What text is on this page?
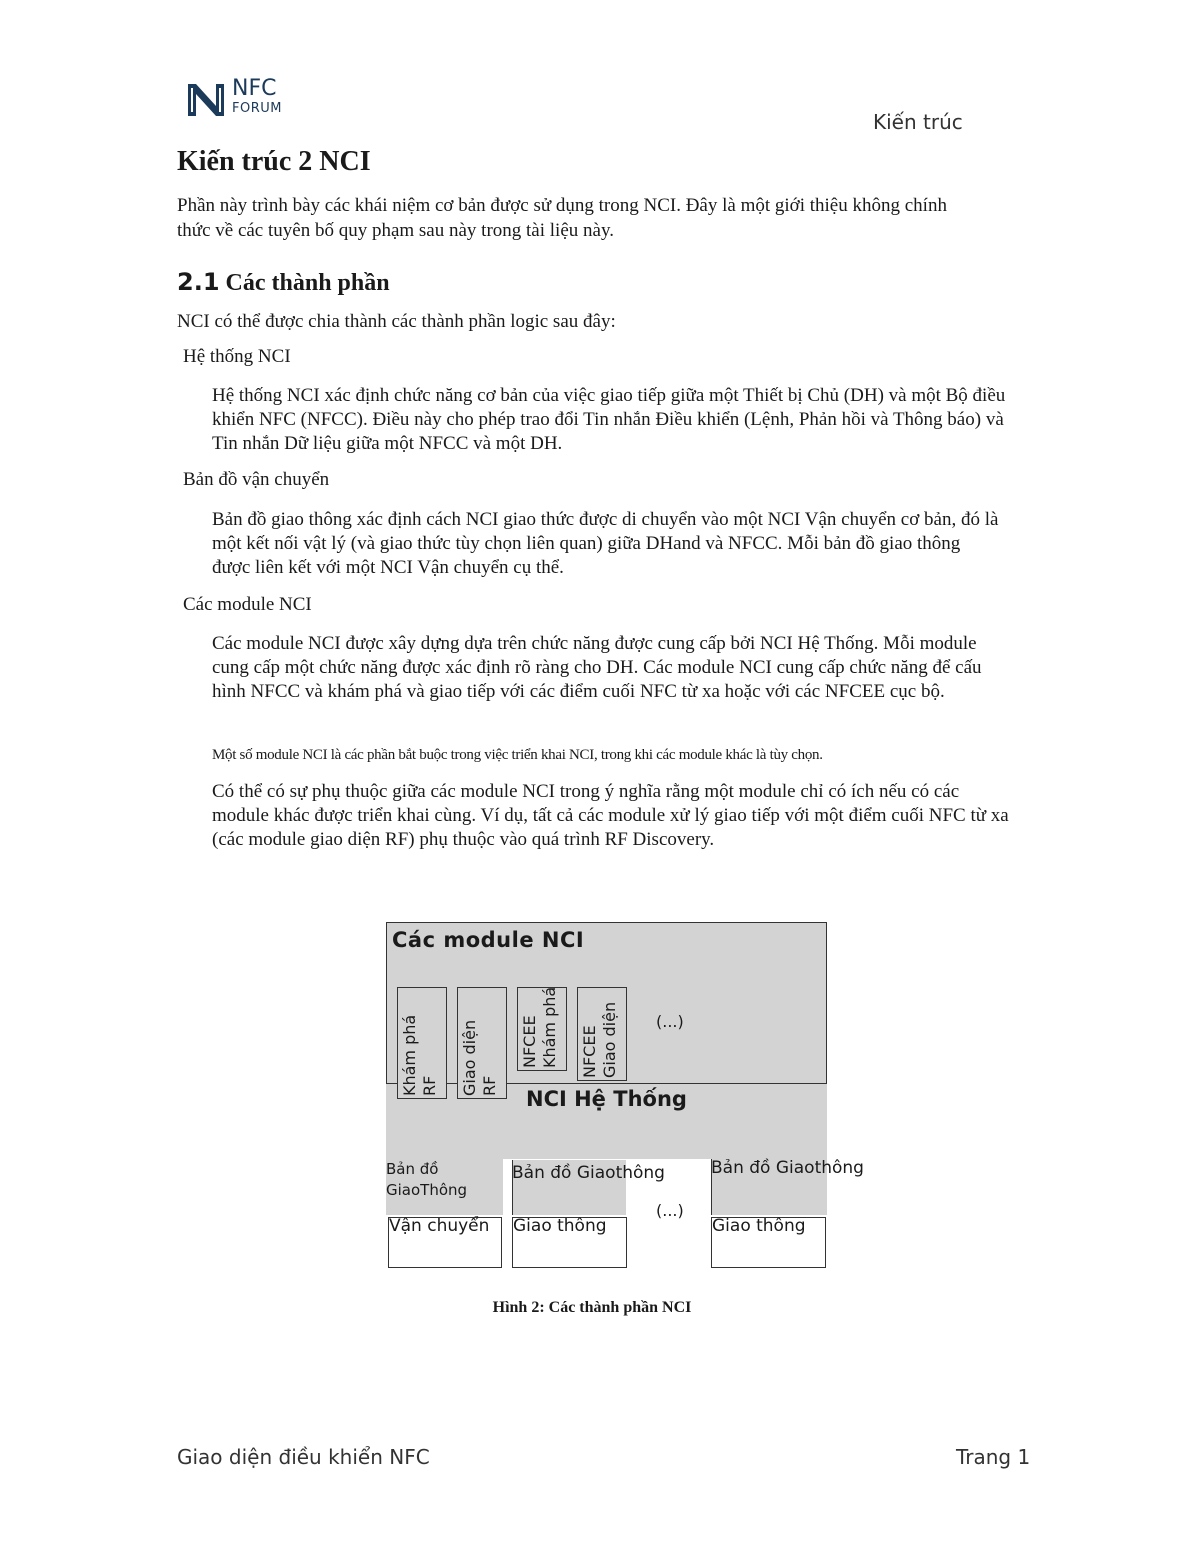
NFC
FORUM
Kiến trúc
Kiến trúc 2 NCI

Phần này trình bày các khái niệm cơ bản được sử dụng trong NCI. Đây là một giới thiệu không chính thức về các tuyên bố quy phạm sau này trong tài liệu này.

2.1 Các thành phần

NCI có thể được chia thành các thành phần logic sau đây:

Hệ thống NCI

Hệ thống NCI xác định chức năng cơ bản của việc giao tiếp giữa một Thiết bị Chủ (DH) và một Bộ điều khiển NFC (NFCC). Điều này cho phép trao đổi Tin nhắn Điều khiển (Lệnh, Phản hồi và Thông báo) và Tin nhắn Dữ liệu giữa một NFCC và một DH.

Bản đồ vận chuyển

Bản đồ giao thông xác định cách NCI giao thức được di chuyển vào một NCI Vận chuyển cơ bản, đó là một kết nối vật lý (và giao thức tùy chọn liên quan) giữa DHand và NFCC. Mỗi bản đồ giao thông được liên kết với một NCI Vận chuyển cụ thể.

Các module NCI

Các module NCI được xây dựng dựa trên chức năng được cung cấp bởi NCI Hệ Thống. Mỗi module cung cấp một chức năng được xác định rõ ràng cho DH. Các module NCI cung cấp chức năng để cấu hình NFCC và khám phá và giao tiếp với các điểm cuối NFC từ xa hoặc với các NFCEE cục bộ.

Một số module NCI là các phần bắt buộc trong việc triển khai NCI, trong khi các module khác là tùy chọn.

Có thể có sự phụ thuộc giữa các module NCI trong ý nghĩa rằng một module chỉ có ích nếu có các module khác được triển khai cùng. Ví dụ, tất cả các module xử lý giao tiếp với một điểm cuối NFC từ xa (các module giao diện RF) phụ thuộc vào quá trình RF Discovery.

Các module NCI
Khám phá
RF Giao diện
RF
NFCEE
Khám phá
NFCEE
Giao diện (...)
NCI Hệ Thống
Bản đồ GiaoThông
Bản đồ Giaothông
(...)
Bản đồ Giaothông
Vận chuyển Giao thông	Giao thông
Hình 2: Các thành phần NCI
Giao diện điều khiển NFC	Trang 1
